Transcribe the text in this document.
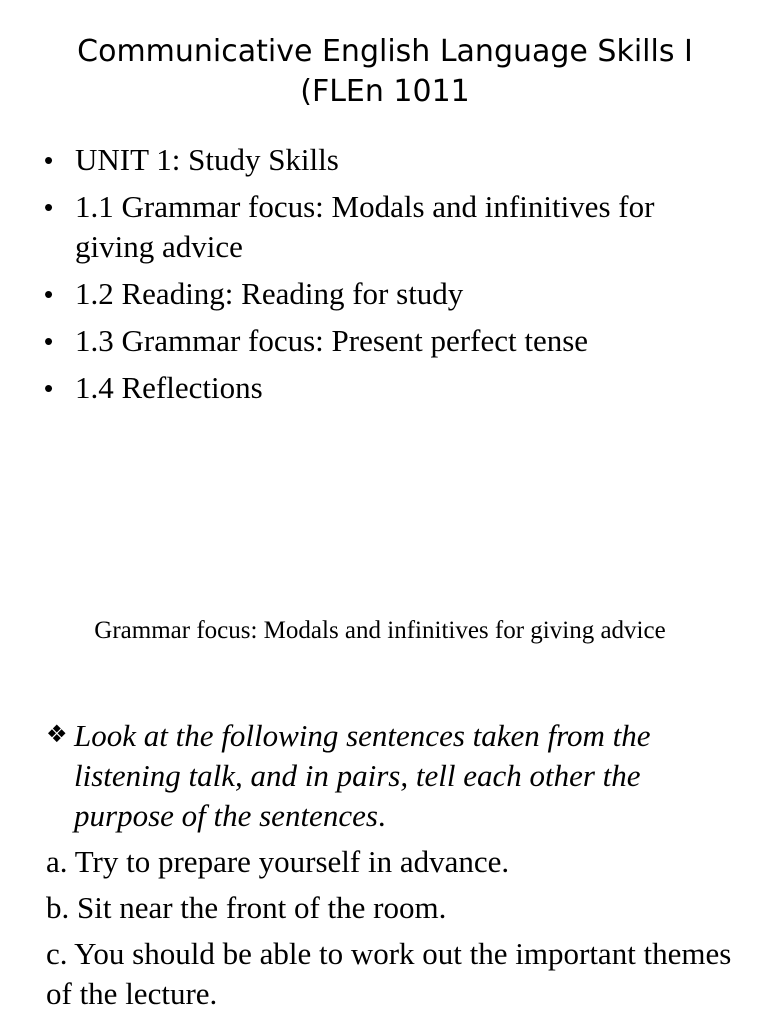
Communicative English Language Skills I (FLEn 1011
• UNIT 1: Study Skills
• 1.1 Grammar focus: Modals and infinitives for giving advice
• 1.2 Reading: Reading for study
• 1.3 Grammar focus: Present perfect tense
• 1.4 Reflections
Grammar focus: Modals and infinitives for giving advice
❖ Look at the following sentences taken from the listening talk, and in pairs, tell each other the purpose of the sentences.
a. Try to prepare yourself in advance.
b. Sit near the front of the room.
c. You should be able to work out the important themes of the lecture.
